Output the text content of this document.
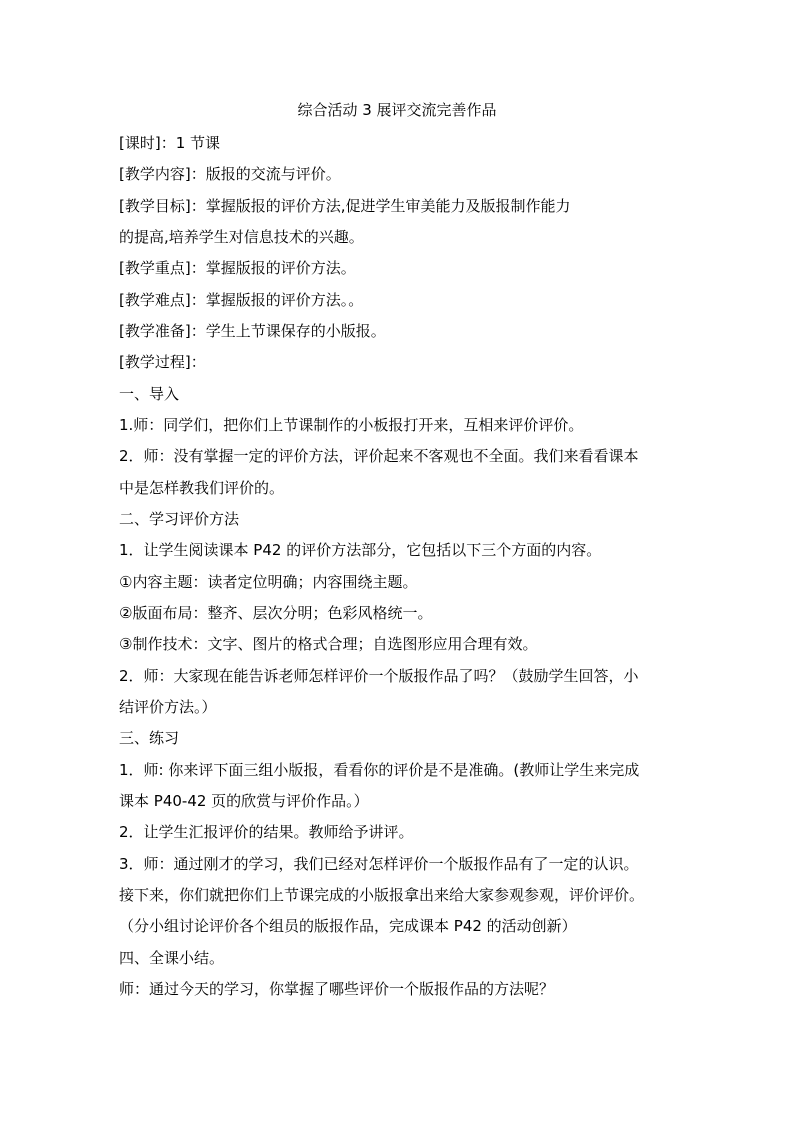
综合活动 3 展评交流完善作品
[课时]：1 节课
[教学内容]：版报的交流与评价。
[教学目标]：掌握版报的评价方法,促进学生审美能力及版报制作能力
的提高,培养学生对信息技术的兴趣。
[教学重点]：掌握版报的评价方法。
[教学难点]：掌握版报的评价方法。。
[教学准备]：学生上节课保存的小版报。
[教学过程]：
一、导入
1.师：同学们，把你们上节课制作的小板报打开来，互相来评价评价。
2．师：没有掌握一定的评价方法，评价起来不客观也不全面。我们来看看课本
中是怎样教我们评价的。
二、学习评价方法
1．让学生阅读课本 P42 的评价方法部分，它包括以下三个方面的内容。
①内容主题：读者定位明确；内容围绕主题。
②版面布局：整齐、层次分明；色彩风格统一。
③制作技术：文字、图片的格式合理；自选图形应用合理有效。
2．师：大家现在能告诉老师怎样评价一个版报作品了吗？（鼓励学生回答，小
结评价方法。）
三、练习
1．师: 你来评下面三组小版报，看看你的评价是不是准确。(教师让学生来完成
课本 P40-42 页的欣赏与评价作品。）
2．让学生汇报评价的结果。教师给予讲评。
3．师：通过刚才的学习，我们已经对怎样评价一个版报作品有了一定的认识。
接下来，你们就把你们上节课完成的小版报拿出来给大家参观参观，评价评价。
（分小组讨论评价各个组员的版报作品，完成课本 P42 的活动创新）
四、全课小结。
师：通过今天的学习，你掌握了哪些评价一个版报作品的方法呢？
